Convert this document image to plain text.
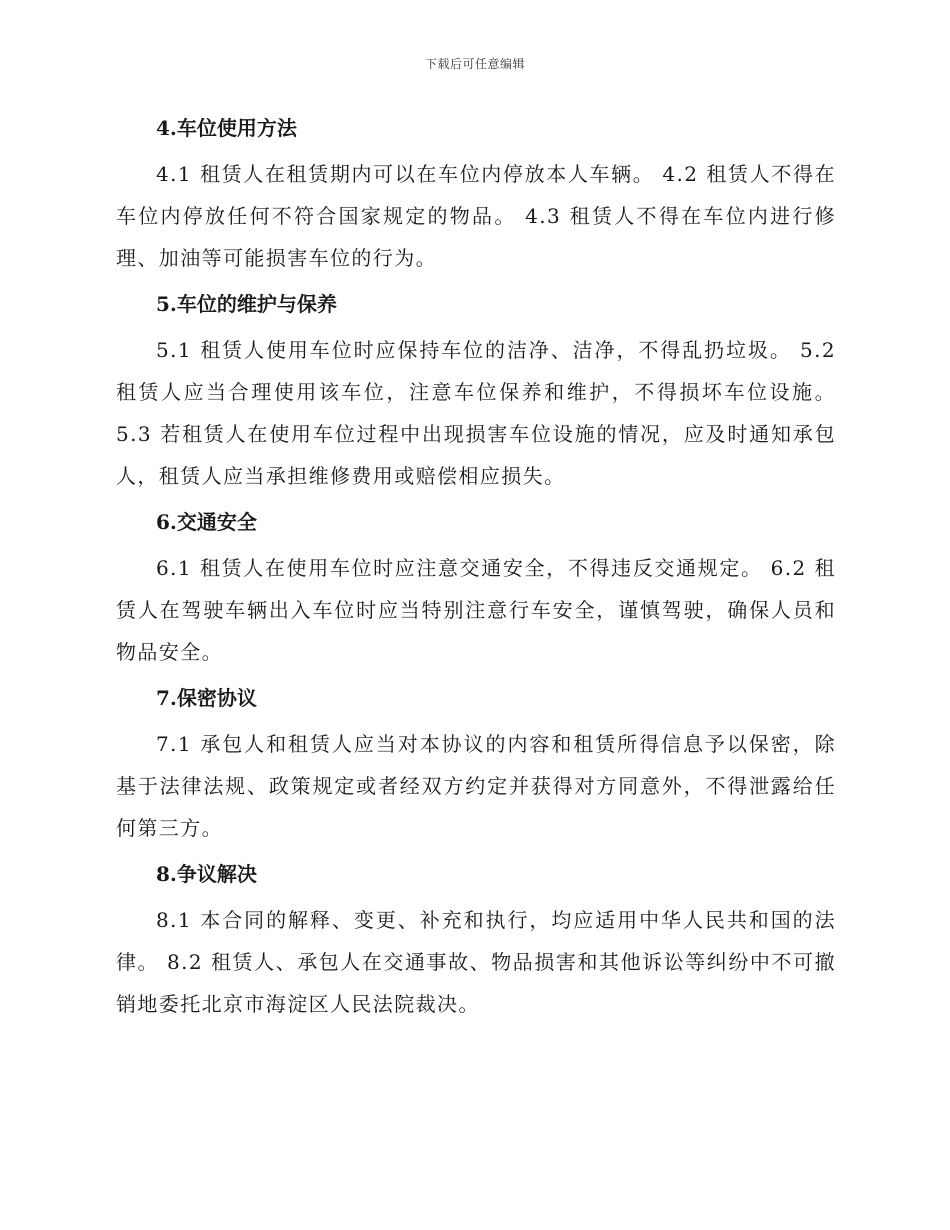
下载后可任意编辑
4.车位使用方法

4.1 租赁人在租赁期内可以在车位内停放本人车辆。 4.2 租赁人不得在车位内停放任何不符合国家规定的物品。 4.3 租赁人不得在车位内进行修理、加油等可能损害车位的行为。

5.车位的维护与保养

5.1 租赁人使用车位时应保持车位的洁净、洁净，不得乱扔垃圾。 5.2 租赁人应当合理使用该车位，注意车位保养和维护，不得损坏车位设施。 5.3 若租赁人在使用车位过程中出现损害车位设施的情况，应及时通知承包人，租赁人应当承担维修费用或赔偿相应损失。

6.交通安全

6.1 租赁人在使用车位时应注意交通安全，不得违反交通规定。 6.2 租赁人在驾驶车辆出入车位时应当特别注意行车安全，谨慎驾驶，确保人员和物品安全。

7.保密协议

7.1 承包人和租赁人应当对本协议的内容和租赁所得信息予以保密，除基于法律法规、政策规定或者经双方约定并获得对方同意外，不得泄露给任何第三方。

8.争议解决

8.1 本合同的解释、变更、补充和执行，均应适用中华人民共和国的法律。 8.2 租赁人、承包人在交通事故、物品损害和其他诉讼等纠纷中不可撤销地委托北京市海淀区人民法院裁决。
